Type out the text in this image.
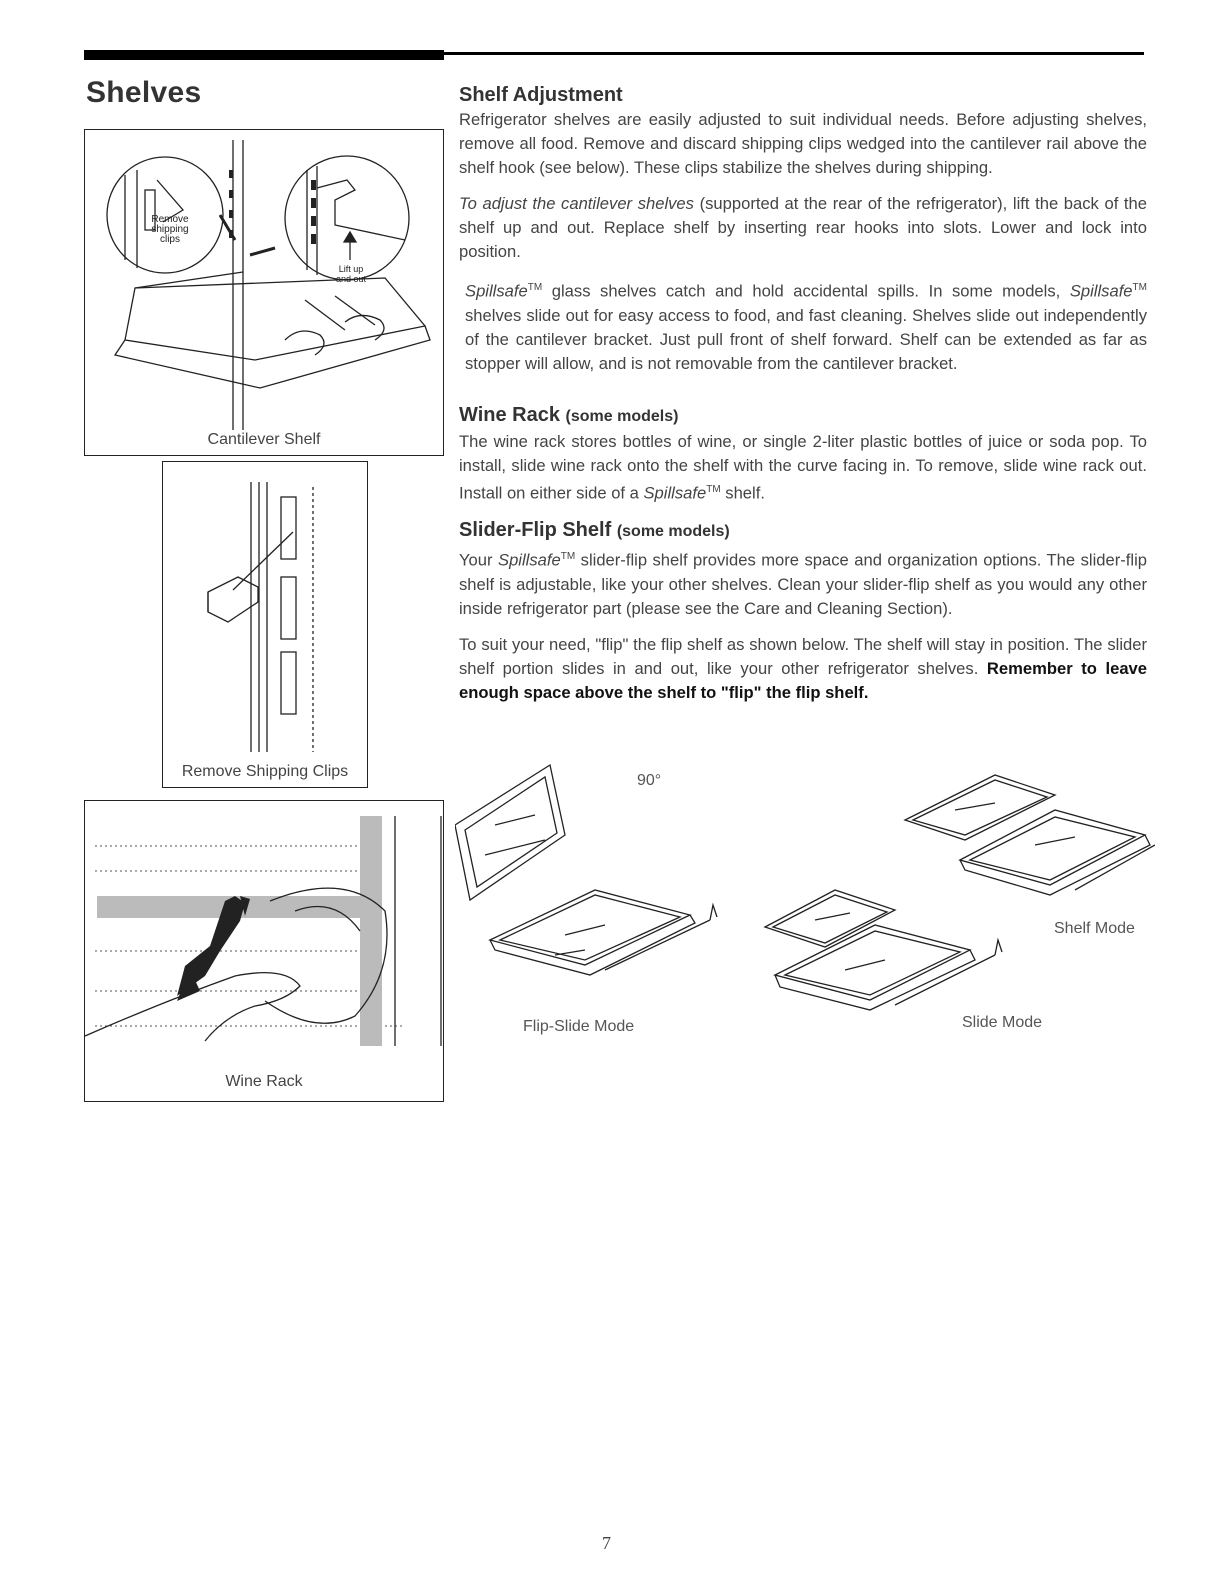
Shelves
Remove
shipping
clips
Lift up
and out
Cantilever Shelf
Remove Shipping Clips
Wine Rack
Shelf Adjustment

Refrigerator shelves are easily adjusted to suit individual needs. Before adjusting shelves, remove all food. Remove and discard shipping clips wedged into the cantilever rail above the shelf hook (see below). These clips stabilize the shelves during shipping.

To adjust the cantilever shelves (supported at the rear of the refrigerator), lift the back of the shelf up and out. Replace shelf by inserting rear hooks into slots. Lower and lock into position.

Spillsafe™ glass shelves catch and hold accidental spills. In some models, Spillsafe™ shelves slide out for easy access to food, and fast cleaning. Shelves slide out independently of the cantilever bracket. Just pull front of shelf forward. Shelf can be extended as far as stopper will allow, and is not removable from the cantilever bracket.

Wine Rack (some models)

The wine rack stores bottles of wine, or single 2-liter plastic bottles of juice or soda pop. To install, slide wine rack onto the shelf with the curve facing in. To remove, slide wine rack out. Install on either side of a Spillsafe™ shelf.

Slider-Flip Shelf (some models)

Your Spillsafe™ slider-flip shelf provides more space and organization options. The slider-flip shelf is adjustable, like your other shelves. Clean your slider-flip shelf as you would any other inside refrigerator part (please see the Care and Cleaning Section).

To suit your need, "flip" the flip shelf as shown below. The shelf will stay in position. The slider shelf portion slides in and out, like your other refrigerator shelves. Remember to leave enough space above the shelf to "flip" the flip shelf.

90°
Flip-Slide Mode
Shelf Mode
Slide Mode
7
